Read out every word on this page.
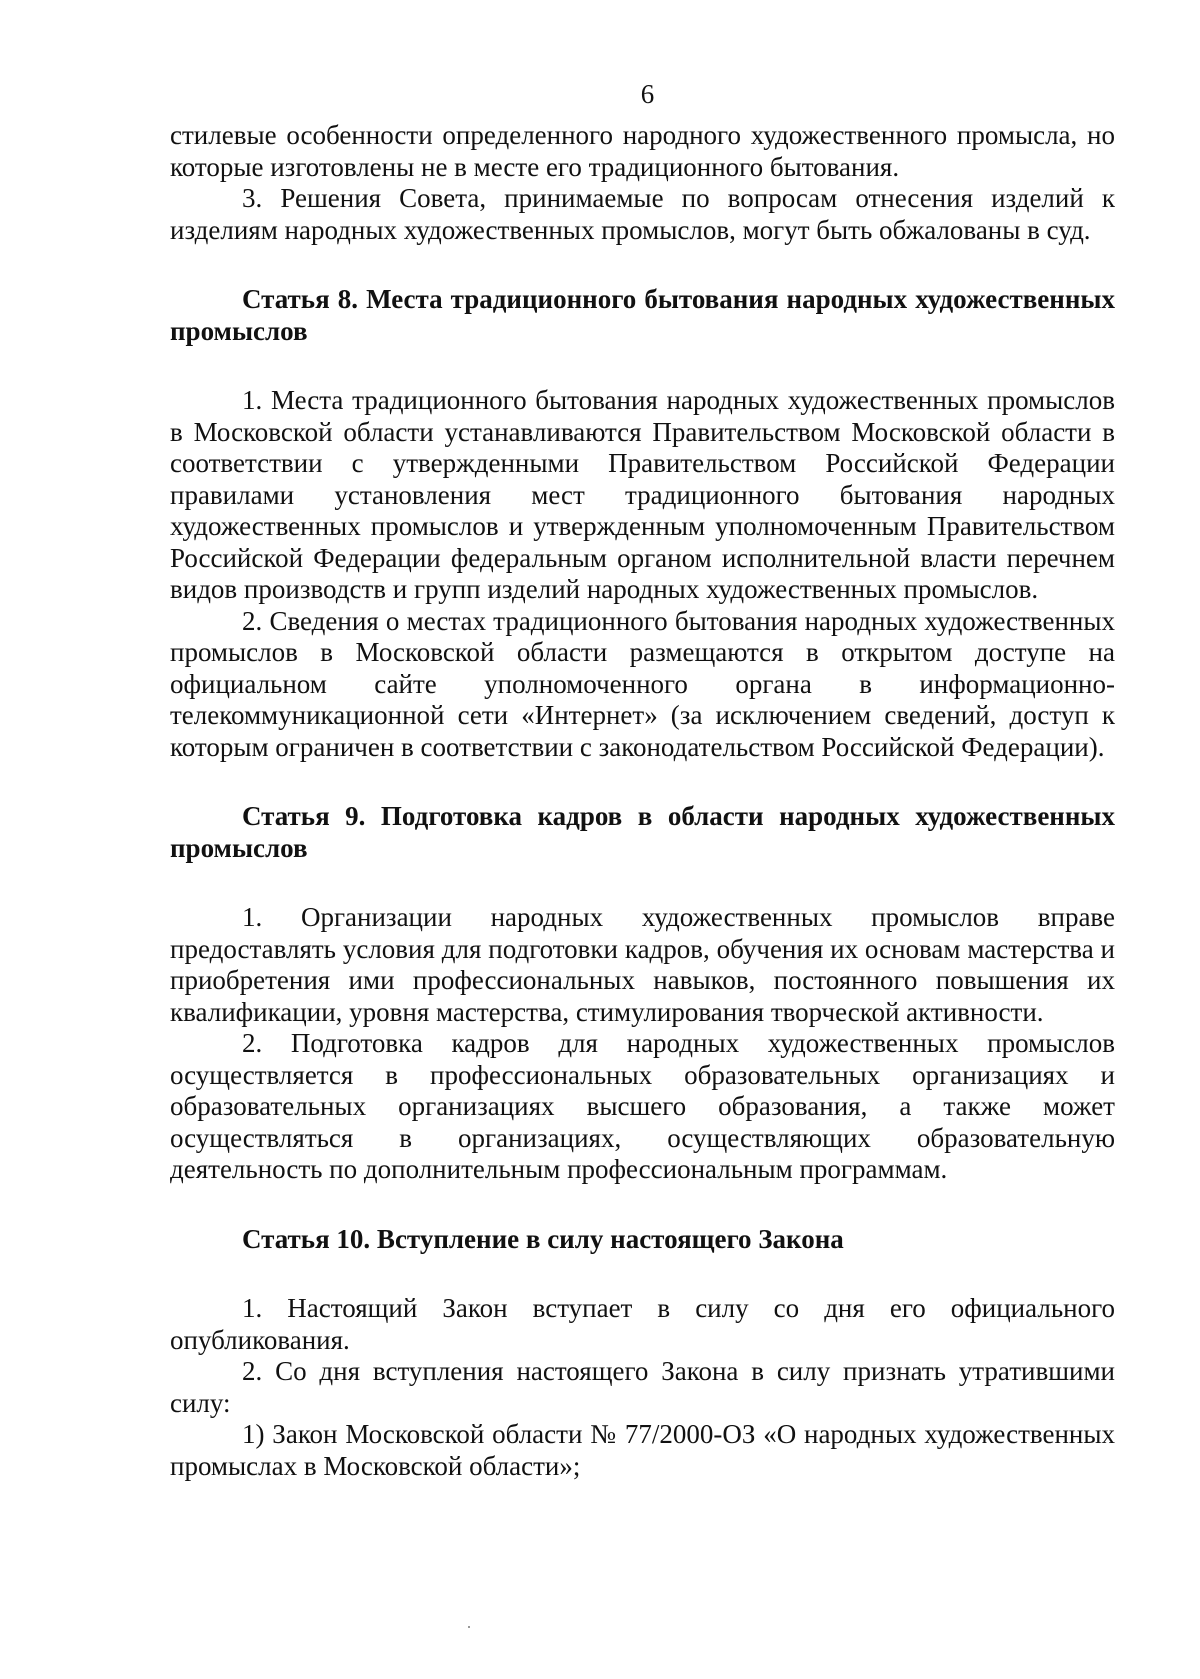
6

стилевые особенности определенного народного художественного промысла, но которые изготовлены не в месте его традиционного бытования.

3. Решения Совета, принимаемые по вопросам отнесения изделий к изделиям народных художественных промыслов, могут быть обжалованы в суд.

Статья 8. Места традиционного бытования народных художественных промыслов

1. Места традиционного бытования народных художественных промыслов в Московской области устанавливаются Правительством Московской области в соответствии с утвержденными Правительством Российской Федерации правилами установления мест традиционного бытования народных художественных промыслов и утвержденным уполномоченным Правительством Российской Федерации федеральным органом исполнительной власти перечнем видов производств и групп изделий народных художественных промыслов.

2. Сведения о местах традиционного бытования народных художественных промыслов в Московской области размещаются в открытом доступе на официальном сайте уполномоченного органа в информационно-телекоммуникационной сети «Интернет» (за исключением сведений, доступ к которым ограничен в соответствии с законодательством Российской Федерации).

Статья 9. Подготовка кадров в области народных художественных промыслов

1. Организации народных художественных промыслов вправе предоставлять условия для подготовки кадров, обучения их основам мастерства и приобретения ими профессиональных навыков, постоянного повышения их квалификации, уровня мастерства, стимулирования творческой активности.

2. Подготовка кадров для народных художественных промыслов осуществляется в профессиональных образовательных организациях и образовательных организациях высшего образования, а также может осуществляться в организациях, осуществляющих образовательную деятельность по дополнительным профессиональным программам.

Статья 10. Вступление в силу настоящего Закона

1. Настоящий Закон вступает в силу со дня его официального опубликования.

2. Со дня вступления настоящего Закона в силу признать утратившими силу:

1) Закон Московской области № 77/2000-ОЗ «О народных художественных промыслах в Московской области»;
